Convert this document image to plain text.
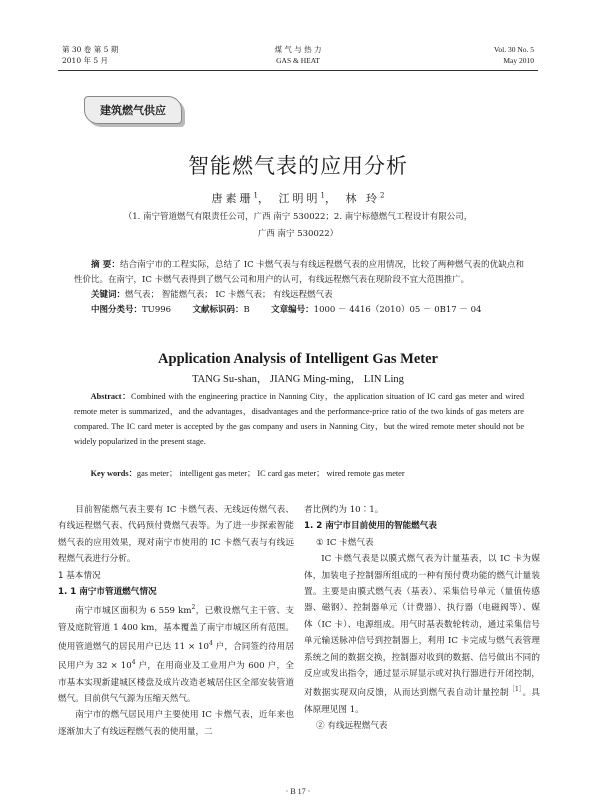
第 30 卷 第 5 期
2010 年 5 月
煤 气 与 热 力
GAS & HEAT
Vol. 30 No. 5
May 2010
建筑燃气供应
智能燃气表的应用分析
唐素珊$^1$， 江明明$^1$， 林 玲$^2$
（1. 南宁管道燃气有限责任公司，广西 南宁 530022；2. 南宁标德燃气工程设计有限公司，
广西 南宁 530022）
摘 要：结合南宁市的工程实际，总结了 IC 卡燃气表与有线远程燃气表的应用情况，比较了两种燃气表的优缺点和性价比。在南宁，IC 卡燃气表得到了燃气公司和用户的认可，有线远程燃气表在现阶段不宜大范围推广。
关键词：燃气表； 智能燃气表； IC 卡燃气表； 有线远程燃气表
中图分类号：TU996	文献标识码：B	文章编号：1000 － 4416（2010）05 － 0B17 － 04
Application Analysis of Intelligent Gas Meter
TANG Su-shan， JIANG Ming-ming， LIN Ling
Abstract：Combined with the engineering practice in Nanning City，the application situation of IC card gas meter and wired remote meter is summarized，and the advantages，disadvantages and the performance-price ratio of the two kinds of gas meters are compared. The IC card meter is accepted by the gas company and users in Nanning City，but the wired remote meter should not be widely popularized in the present stage.
Key words：gas meter； intelligent gas meter； IC card gas meter； wired remote gas meter

目前智能燃气表主要有 IC 卡燃气表、无线远传燃气表、有线远程燃气表、代码预付费燃气表等。为了进一步探索智能燃气表的应用效果，现对南宁市使用的 IC 卡燃气表与有线远程燃气表进行分析。

1 基本情况

1. 1 南宁市管道燃气情况

南宁市城区面积为 6 559 $km^2$，已敷设燃气主干管、支管及庭院管道 1 400 km，基本覆盖了南宁市城区所有范围。使用管道燃气的居民用户已达 $11 \times 10^4$ 户，合同签约待用居民用户为 $32 \times 10^4$ 户，在用商业及工业用户为 600 户，全市基本实现新建城区楼盘及成片改造老城居住区全部安装管道燃气。目前供气气源为压缩天然气。

南宁市的燃气居民用户主要使用 IC 卡燃气表，近年来也逐渐加大了有线远程燃气表的使用量，二

者比例约为 10∶1。

1. 2 南宁市目前使用的智能燃气表

① IC 卡燃气表

IC 卡燃气表是以膜式燃气表为计量基表，以 IC 卡为媒体，加装电子控制器所组成的一种有预付费功能的燃气计量装置。主要是由膜式燃气表（基表）、采集信号单元（量值传感器、磁钢）、控制器单元（计费器）、执行器（电磁阀等）、媒体（IC 卡）、电源组成。用气时基表数轮转动，通过采集信号单元输送脉冲信号到控制器上，利用 IC 卡完成与燃气表管理系统之间的数据交换，控制器对收到的数据、信号做出不同的反应或发出指令，通过显示屏显示或对执行器进行开闭控制，对数据实现双向反馈，从而达到燃气表自动计量控制$^{[1]}$。具体原理见图 1。

② 有线远程燃气表

· B 17 ·
